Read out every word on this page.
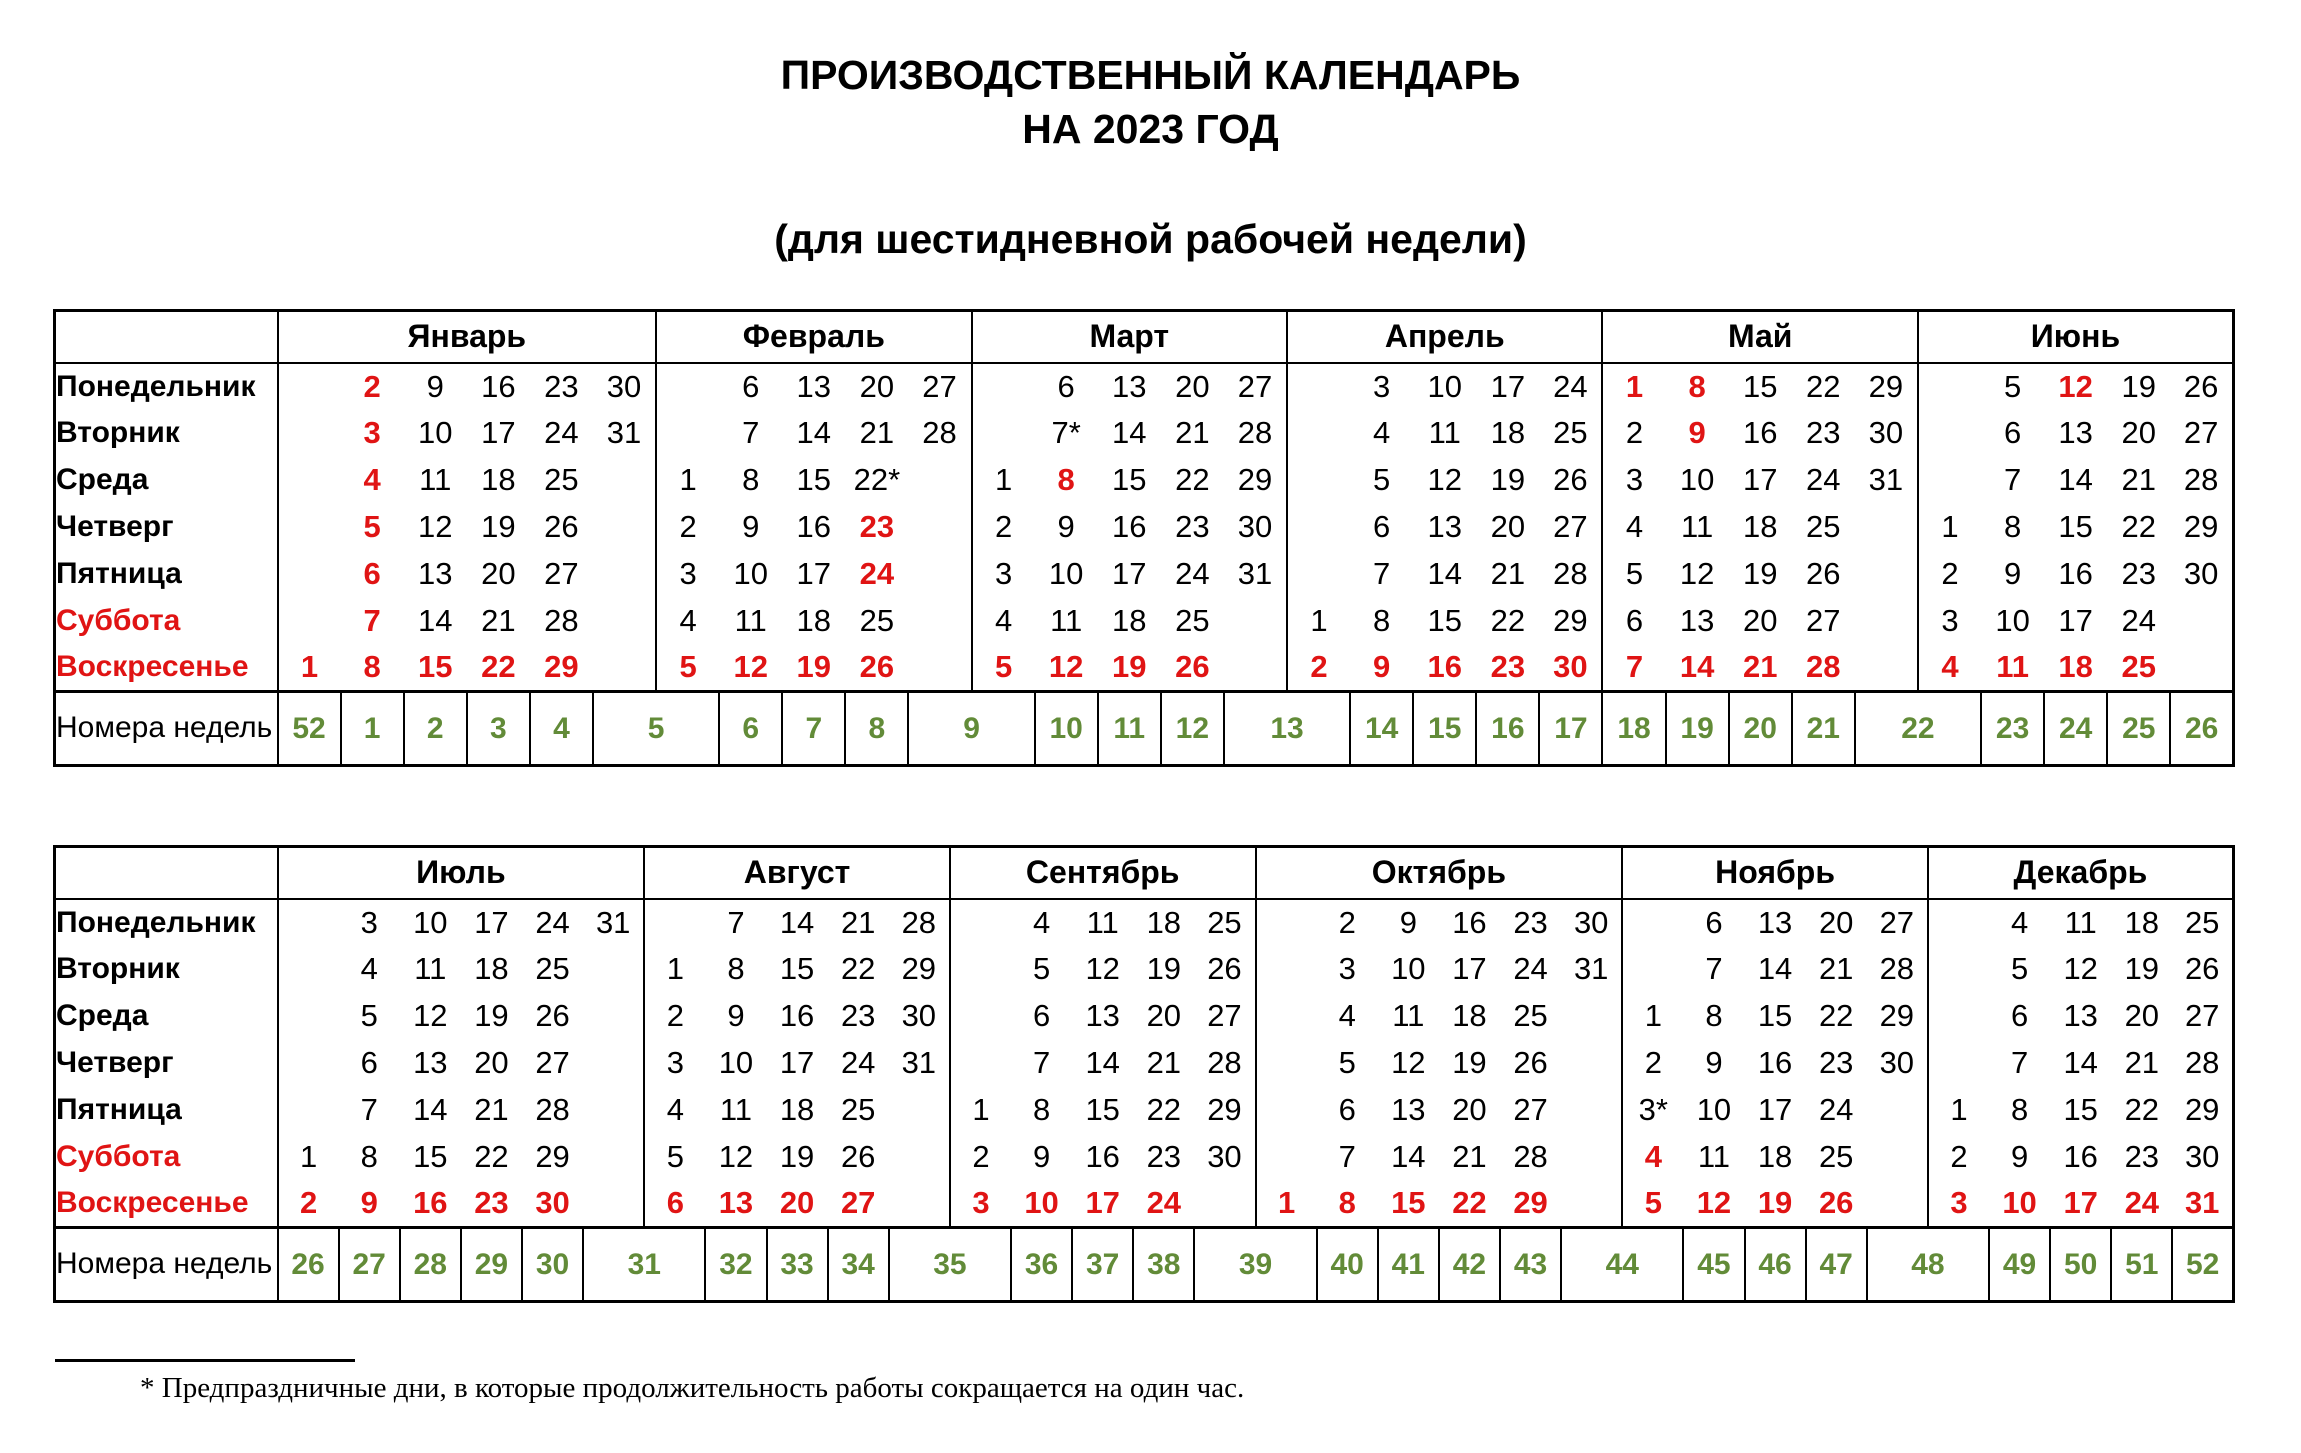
ПРОИЗВОДСТВЕННЫЙ КАЛЕНДАРЬ
НА 2023 ГОД
(для шестидневной рабочей недели)
	Январь						Февраль					Март					Апрель					Май					Июнь				
Понедельник		2	9	16	23	30		6	13	20	27		6	13	20	27		3	10	17	24	1	8	15	22	29		5	12	19	26
Вторник		3	10	17	24	31		7	14	21	28		7*	14	21	28		4	11	18	25	2	9	16	23	30		6	13	20	27
Среда		4	11	18	25		1	8	15	22*		1	8	15	22	29		5	12	19	26	3	10	17	24	31		7	14	21	28
Четверг		5	12	19	26		2	9	16	23		2	9	16	23	30		6	13	20	27	4	11	18	25		1	8	15	22	29
Пятница		6	13	20	27		3	10	17	24		3	10	17	24	31		7	14	21	28	5	12	19	26		2	9	16	23	30
Суббота		7	14	21	28		4	11	18	25		4	11	18	25		1	8	15	22	29	6	13	20	27		3	10	17	24	
Воскресенье	1	8	15	22	29		5	12	19	26		5	12	19	26		2	9	16	23	30	7	14	21	28		4	11	18	25	
Номера недель	52	1	2	3	4	5		6	7	8	9		10	11	12	13		14	15	16	17	18	19	20	21	22		23	24	25	26
	Июль						Август					Сентябрь					Октябрь						Ноябрь					Декабрь				
Понедельник		3	10	17	24	31		7	14	21	28		4	11	18	25		2	9	16	23	30		6	13	20	27		4	11	18	25
Вторник		4	11	18	25		1	8	15	22	29		5	12	19	26		3	10	17	24	31		7	14	21	28		5	12	19	26
Среда		5	12	19	26		2	9	16	23	30		6	13	20	27		4	11	18	25		1	8	15	22	29		6	13	20	27
Четверг		6	13	20	27		3	10	17	24	31		7	14	21	28		5	12	19	26		2	9	16	23	30		7	14	21	28
Пятница		7	14	21	28		4	11	18	25		1	8	15	22	29		6	13	20	27		3*	10	17	24		1	8	15	22	29
Суббота	1	8	15	22	29		5	12	19	26		2	9	16	23	30		7	14	21	28		4	11	18	25		2	9	16	23	30
Воскресенье	2	9	16	23	30		6	13	20	27		3	10	17	24		1	8	15	22	29		5	12	19	26		3	10	17	24	31
Номера недель	26	27	28	29	30	31		32	33	34	35		36	37	38	39		40	41	42	43	44		45	46	47	48		49	50	51	52
* Предпраздничные дни, в которые продолжительность работы сокращается на один час.
